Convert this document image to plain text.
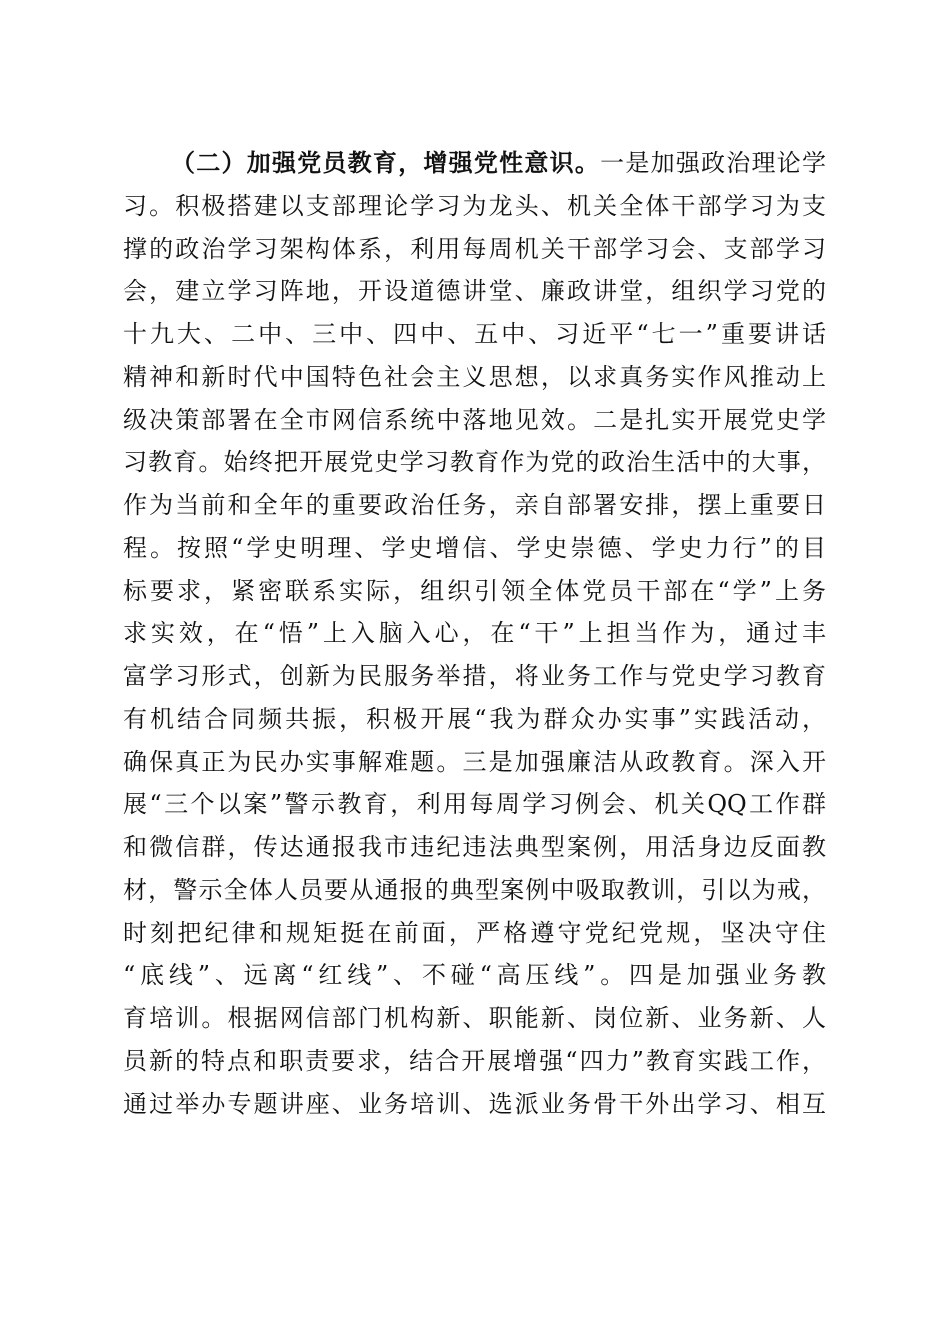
（二）加强党员教育，增强党性意识。一是加强政治理论学
习。积极搭建以支部理论学习为龙头、机关全体干部学习为支
撑的政治学习架构体系，利用每周机关干部学习会、支部学习
会，建立学习阵地，开设道德讲堂、廉政讲堂，组织学习党的
十九大、二中、三中、四中、五中、习近平“七一”重要讲话
精神和新时代中国特色社会主义思想，以求真务实作风推动上
级决策部署在全市网信系统中落地见效。二是扎实开展党史学
习教育。始终把开展党史学习教育作为党的政治生活中的大事，
作为当前和全年的重要政治任务，亲自部署安排，摆上重要日
程。按照“学史明理、学史增信、学史崇德、学史力行”的目
标要求，紧密联系实际，组织引领全体党员干部在“学”上务
求实效，在“悟”上入脑入心，在“干”上担当作为，通过丰
富学习形式，创新为民服务举措，将业务工作与党史学习教育
有机结合同频共振，积极开展“我为群众办实事”实践活动，
确保真正为民办实事解难题。三是加强廉洁从政教育。深入开
展“三个以案”警示教育，利用每周学习例会、机关QQ工作群
和微信群，传达通报我市违纪违法典型案例，用活身边反面教
材，警示全体人员要从通报的典型案例中吸取教训，引以为戒，
时刻把纪律和规矩挺在前面，严格遵守党纪党规，坚决守住
“底线”、远离“红线”、不碰“高压线”。四是加强业务教
育培训。根据网信部门机构新、职能新、岗位新、业务新、人
员新的特点和职责要求，结合开展增强“四力”教育实践工作，
通过举办专题讲座、业务培训、选派业务骨干外出学习、相互
